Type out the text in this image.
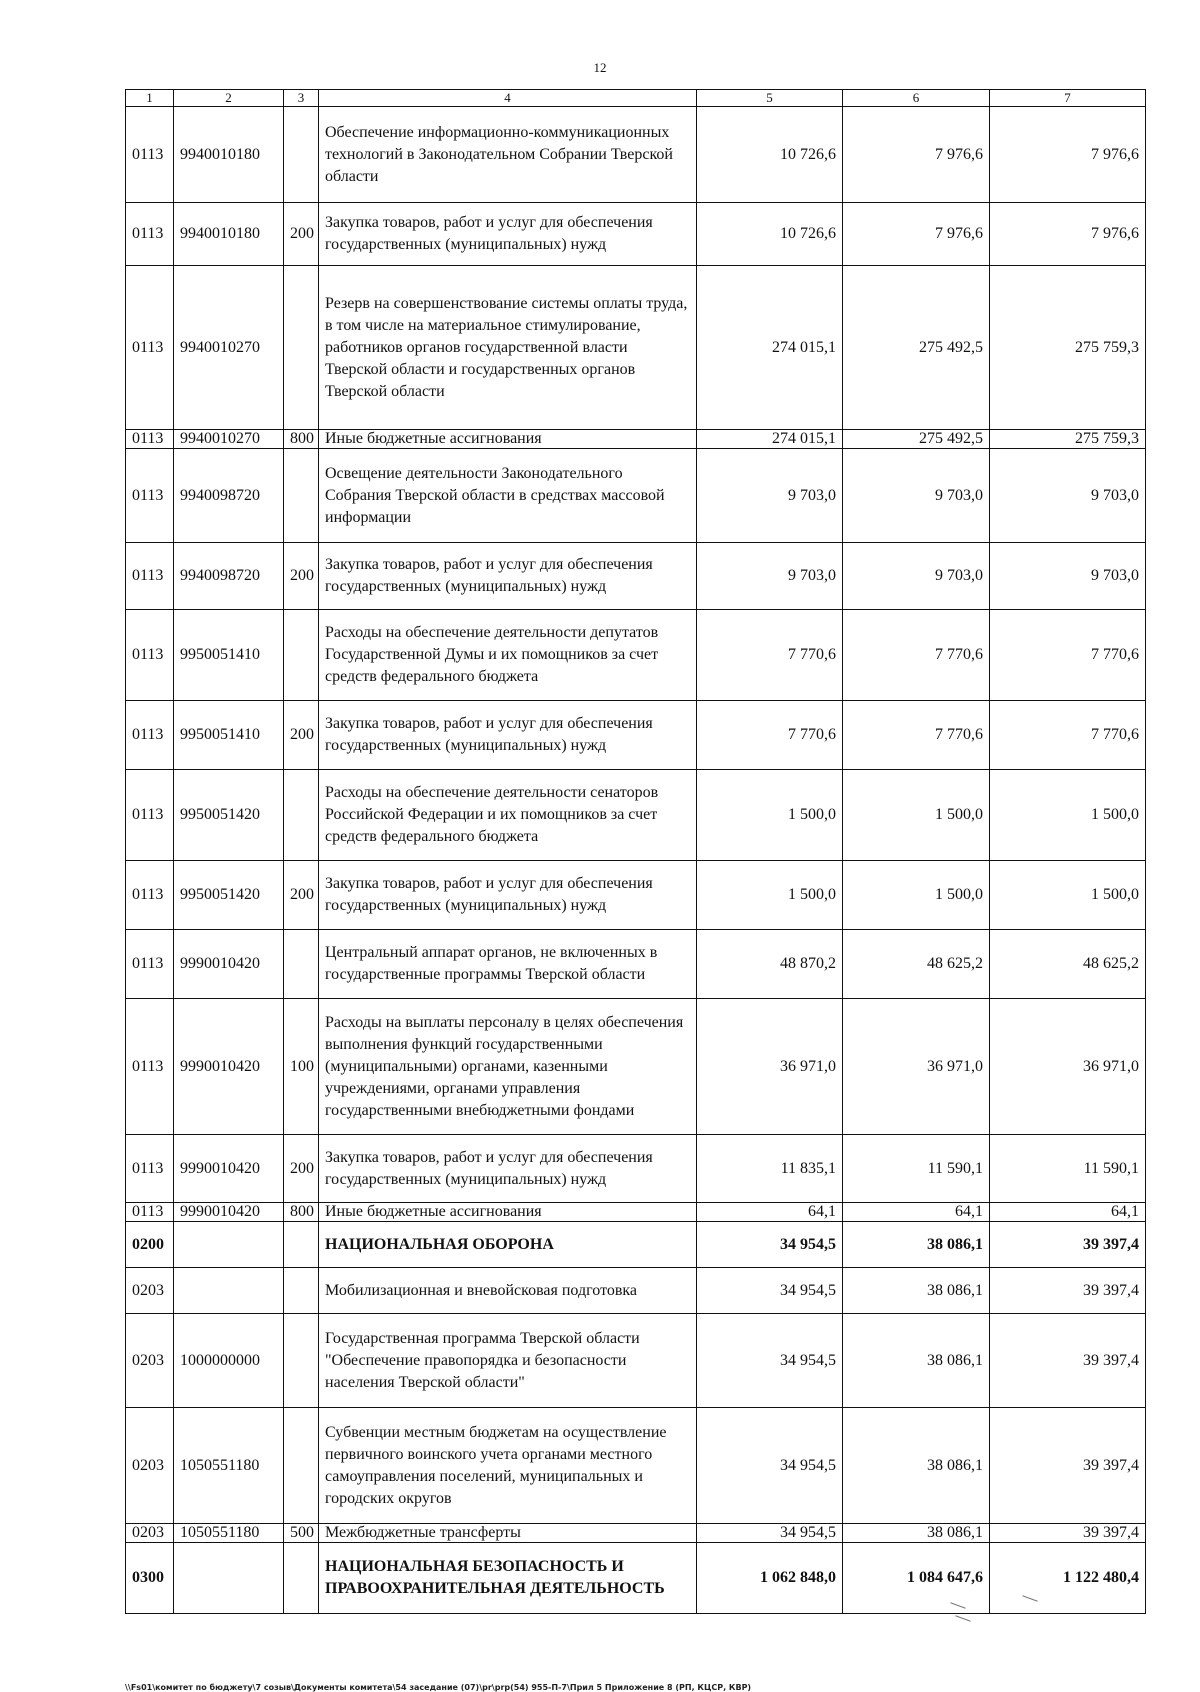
12
1	2	3	4	5	6	7
0113	9940010180		Обеспечение информационно-коммуникационных технологий в Законодательном Собрании Тверской области	10 726,6	7 976,6	7 976,6
0113	9940010180	200	Закупка товаров, работ и услуг для обеспечения государственных (муниципальных) нужд	10 726,6	7 976,6	7 976,6
0113	9940010270		Резерв на совершенствование системы оплаты труда, в том числе на материальное стимулирование, работников органов государственной власти Тверской области и государственных органов Тверской области	274 015,1	275 492,5	275 759,3
0113	9940010270	800	Иные бюджетные ассигнования	274 015,1	275 492,5	275 759,3
0113	9940098720		Освещение деятельности Законодательного Собрания Тверской области в средствах массовой информации	9 703,0	9 703,0	9 703,0
0113	9940098720	200	Закупка товаров, работ и услуг для обеспечения государственных (муниципальных) нужд	9 703,0	9 703,0	9 703,0
0113	9950051410		Расходы на обеспечение деятельности депутатов Государственной Думы и их помощников за счет средств федерального бюджета	7 770,6	7 770,6	7 770,6
0113	9950051410	200	Закупка товаров, работ и услуг для обеспечения государственных (муниципальных) нужд	7 770,6	7 770,6	7 770,6
0113	9950051420		Расходы на обеспечение деятельности сенаторов Российской Федерации и их помощников за счет средств федерального бюджета	1 500,0	1 500,0	1 500,0
0113	9950051420	200	Закупка товаров, работ и услуг для обеспечения государственных (муниципальных) нужд	1 500,0	1 500,0	1 500,0
0113	9990010420		Центральный аппарат органов, не включенных в государственные программы Тверской области	48 870,2	48 625,2	48 625,2
0113	9990010420	100	Расходы на выплаты персоналу в целях обеспечения выполнения функций государственными (муниципальными) органами, казенными учреждениями, органами управления государственными внебюджетными фондами	36 971,0	36 971,0	36 971,0
0113	9990010420	200	Закупка товаров, работ и услуг для обеспечения государственных (муниципальных) нужд	11 835,1	11 590,1	11 590,1
0113	9990010420	800	Иные бюджетные ассигнования	64,1	64,1	64,1
0200			НАЦИОНАЛЬНАЯ ОБОРОНА	34 954,5	38 086,1	39 397,4
0203			Мобилизационная и вневойсковая подготовка	34 954,5	38 086,1	39 397,4
0203	1000000000		Государственная программа Тверской области "Обеспечение правопорядка и безопасности населения Тверской области"	34 954,5	38 086,1	39 397,4
0203	1050551180		Субвенции местным бюджетам на осуществление первичного воинского учета органами местного самоуправления поселений, муниципальных и городских округов	34 954,5	38 086,1	39 397,4
0203	1050551180	500	Межбюджетные трансферты	34 954,5	38 086,1	39 397,4
0300			НАЦИОНАЛЬНАЯ БЕЗОПАСНОСТЬ И ПРАВООХРАНИТЕЛЬНАЯ ДЕЯТЕЛЬНОСТЬ	1 062 848,0	1 084 647,6	1 122 480,4
\\Fs01\комитет по бюджету\7 созыв\Документы комитета\54 заседание (07)\pr\prр(54) 955-П-7\Прил 5 Приложение 8 (РП, КЦСР, КВР)
